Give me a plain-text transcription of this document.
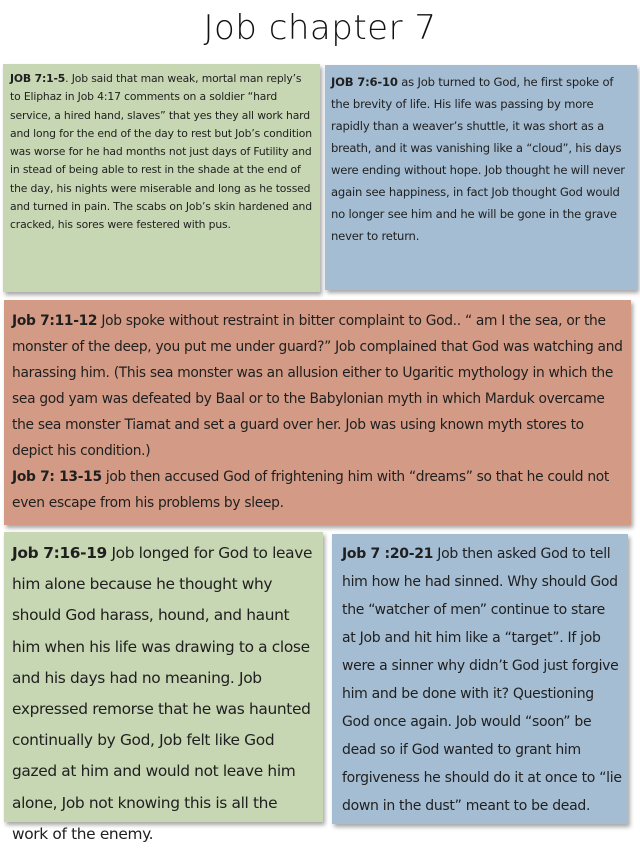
Job chapter 7
JOB 7:1-5. Job said that man weak, mortal man reply’s to Eliphaz in Job 4:17 comments on a soldier “hard service, a hired hand, slaves” that yes they all work hard and long for the end of the day to rest but Job’s condition was worse for he had months not just days of Futility and in stead of being able to rest in the shade at the end of the day, his nights were miserable and long as he tossed and turned in pain. The scabs on Job’s skin hardened and cracked, his sores were festered with pus.
JOB 7:6-10 as Job turned to God, he first spoke of the brevity of life. His life was passing by more rapidly than a weaver’s shuttle, it was short as a breath, and it was vanishing like a “cloud”, his days were ending without hope. Job thought he will never again see happiness, in fact Job thought God would no longer see him and he will be gone in the grave never to return.
Job 7:11-12 Job spoke without restraint in bitter complaint to God.. “ am I the sea, or the monster of the deep, you put me under guard?” Job complained that God was watching and harassing him. (This sea monster was an allusion either to Ugaritic mythology in which the sea god yam was defeated by Baal or to the Babylonian myth in which Marduk overcame the sea monster Tiamat and set a guard over her. Job was using known myth stores to depict his condition.)
Job 7: 13-15 job then accused God of frightening him with “dreams” so that he could not even escape from his problems by sleep.
Job 7:16-19 Job longed for God to leave him alone because he thought why should God harass, hound, and haunt him when his life was drawing to a close and his days had no meaning. Job expressed remorse that he was haunted continually by God, Job felt like God gazed at him and would not leave him alone, Job not knowing this is all the work of the enemy.
Job 7 :20-21 Job then asked God to tell him how he had sinned. Why should God the “watcher of men” continue to stare at Job and hit him like a “target”. If job were a sinner why didn’t God just forgive him and be done with it? Questioning God once again. Job would “soon” be dead so if God wanted to grant him forgiveness he should do it at once to “lie down in the dust” meant to be dead.
